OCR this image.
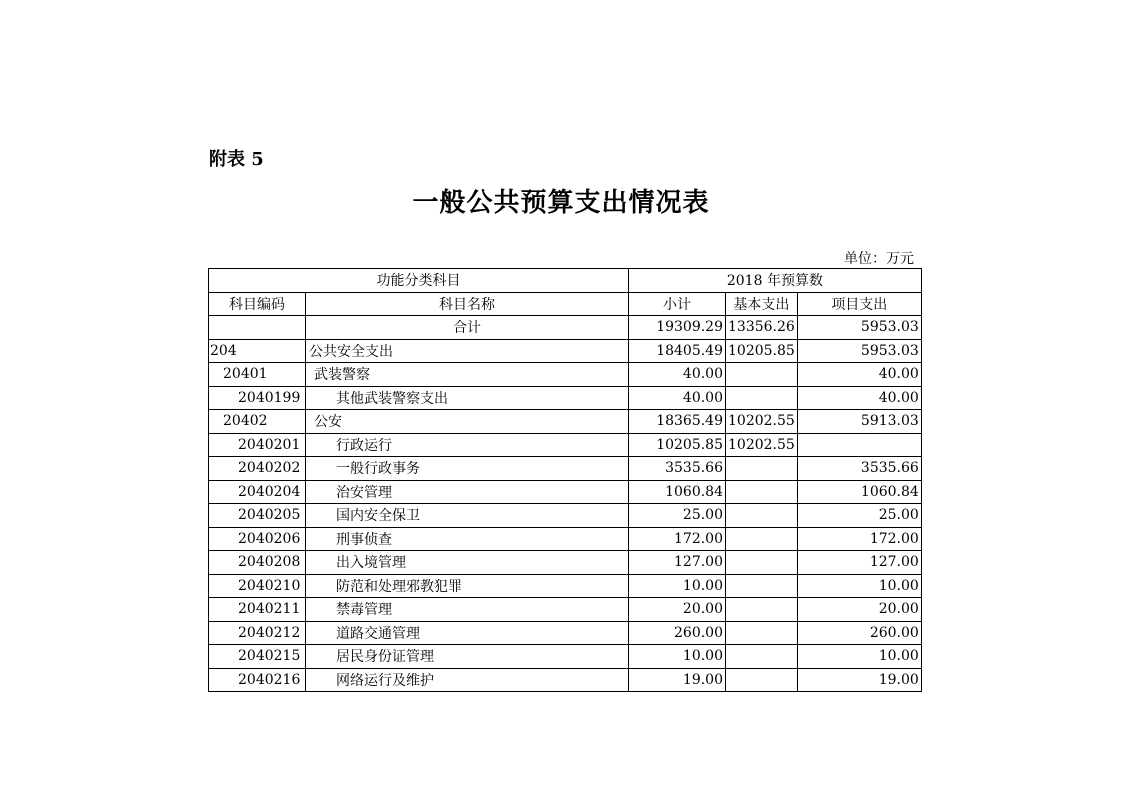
附表 5
一般公共预算支出情况表
单位：万元
功能分类科目		2018 年预算数		
科目编码	科目名称	小计	基本支出	项目支出
	合计	19309.29	13356.26	5953.03
204	公共安全支出	18405.49	10205.85	5953.03
20401	武装警察	40.00		40.00
2040199	其他武装警察支出	40.00		40.00
20402	公安	18365.49	10202.55	5913.03
2040201	行政运行	10205.85	10202.55	
2040202	一般行政事务	3535.66		3535.66
2040204	治安管理	1060.84		1060.84
2040205	国内安全保卫	25.00		25.00
2040206	刑事侦查	172.00		172.00
2040208	出入境管理	127.00		127.00
2040210	防范和处理邪教犯罪	10.00		10.00
2040211	禁毒管理	20.00		20.00
2040212	道路交通管理	260.00		260.00
2040215	居民身份证管理	10.00		10.00
2040216	网络运行及维护	19.00		19.00
